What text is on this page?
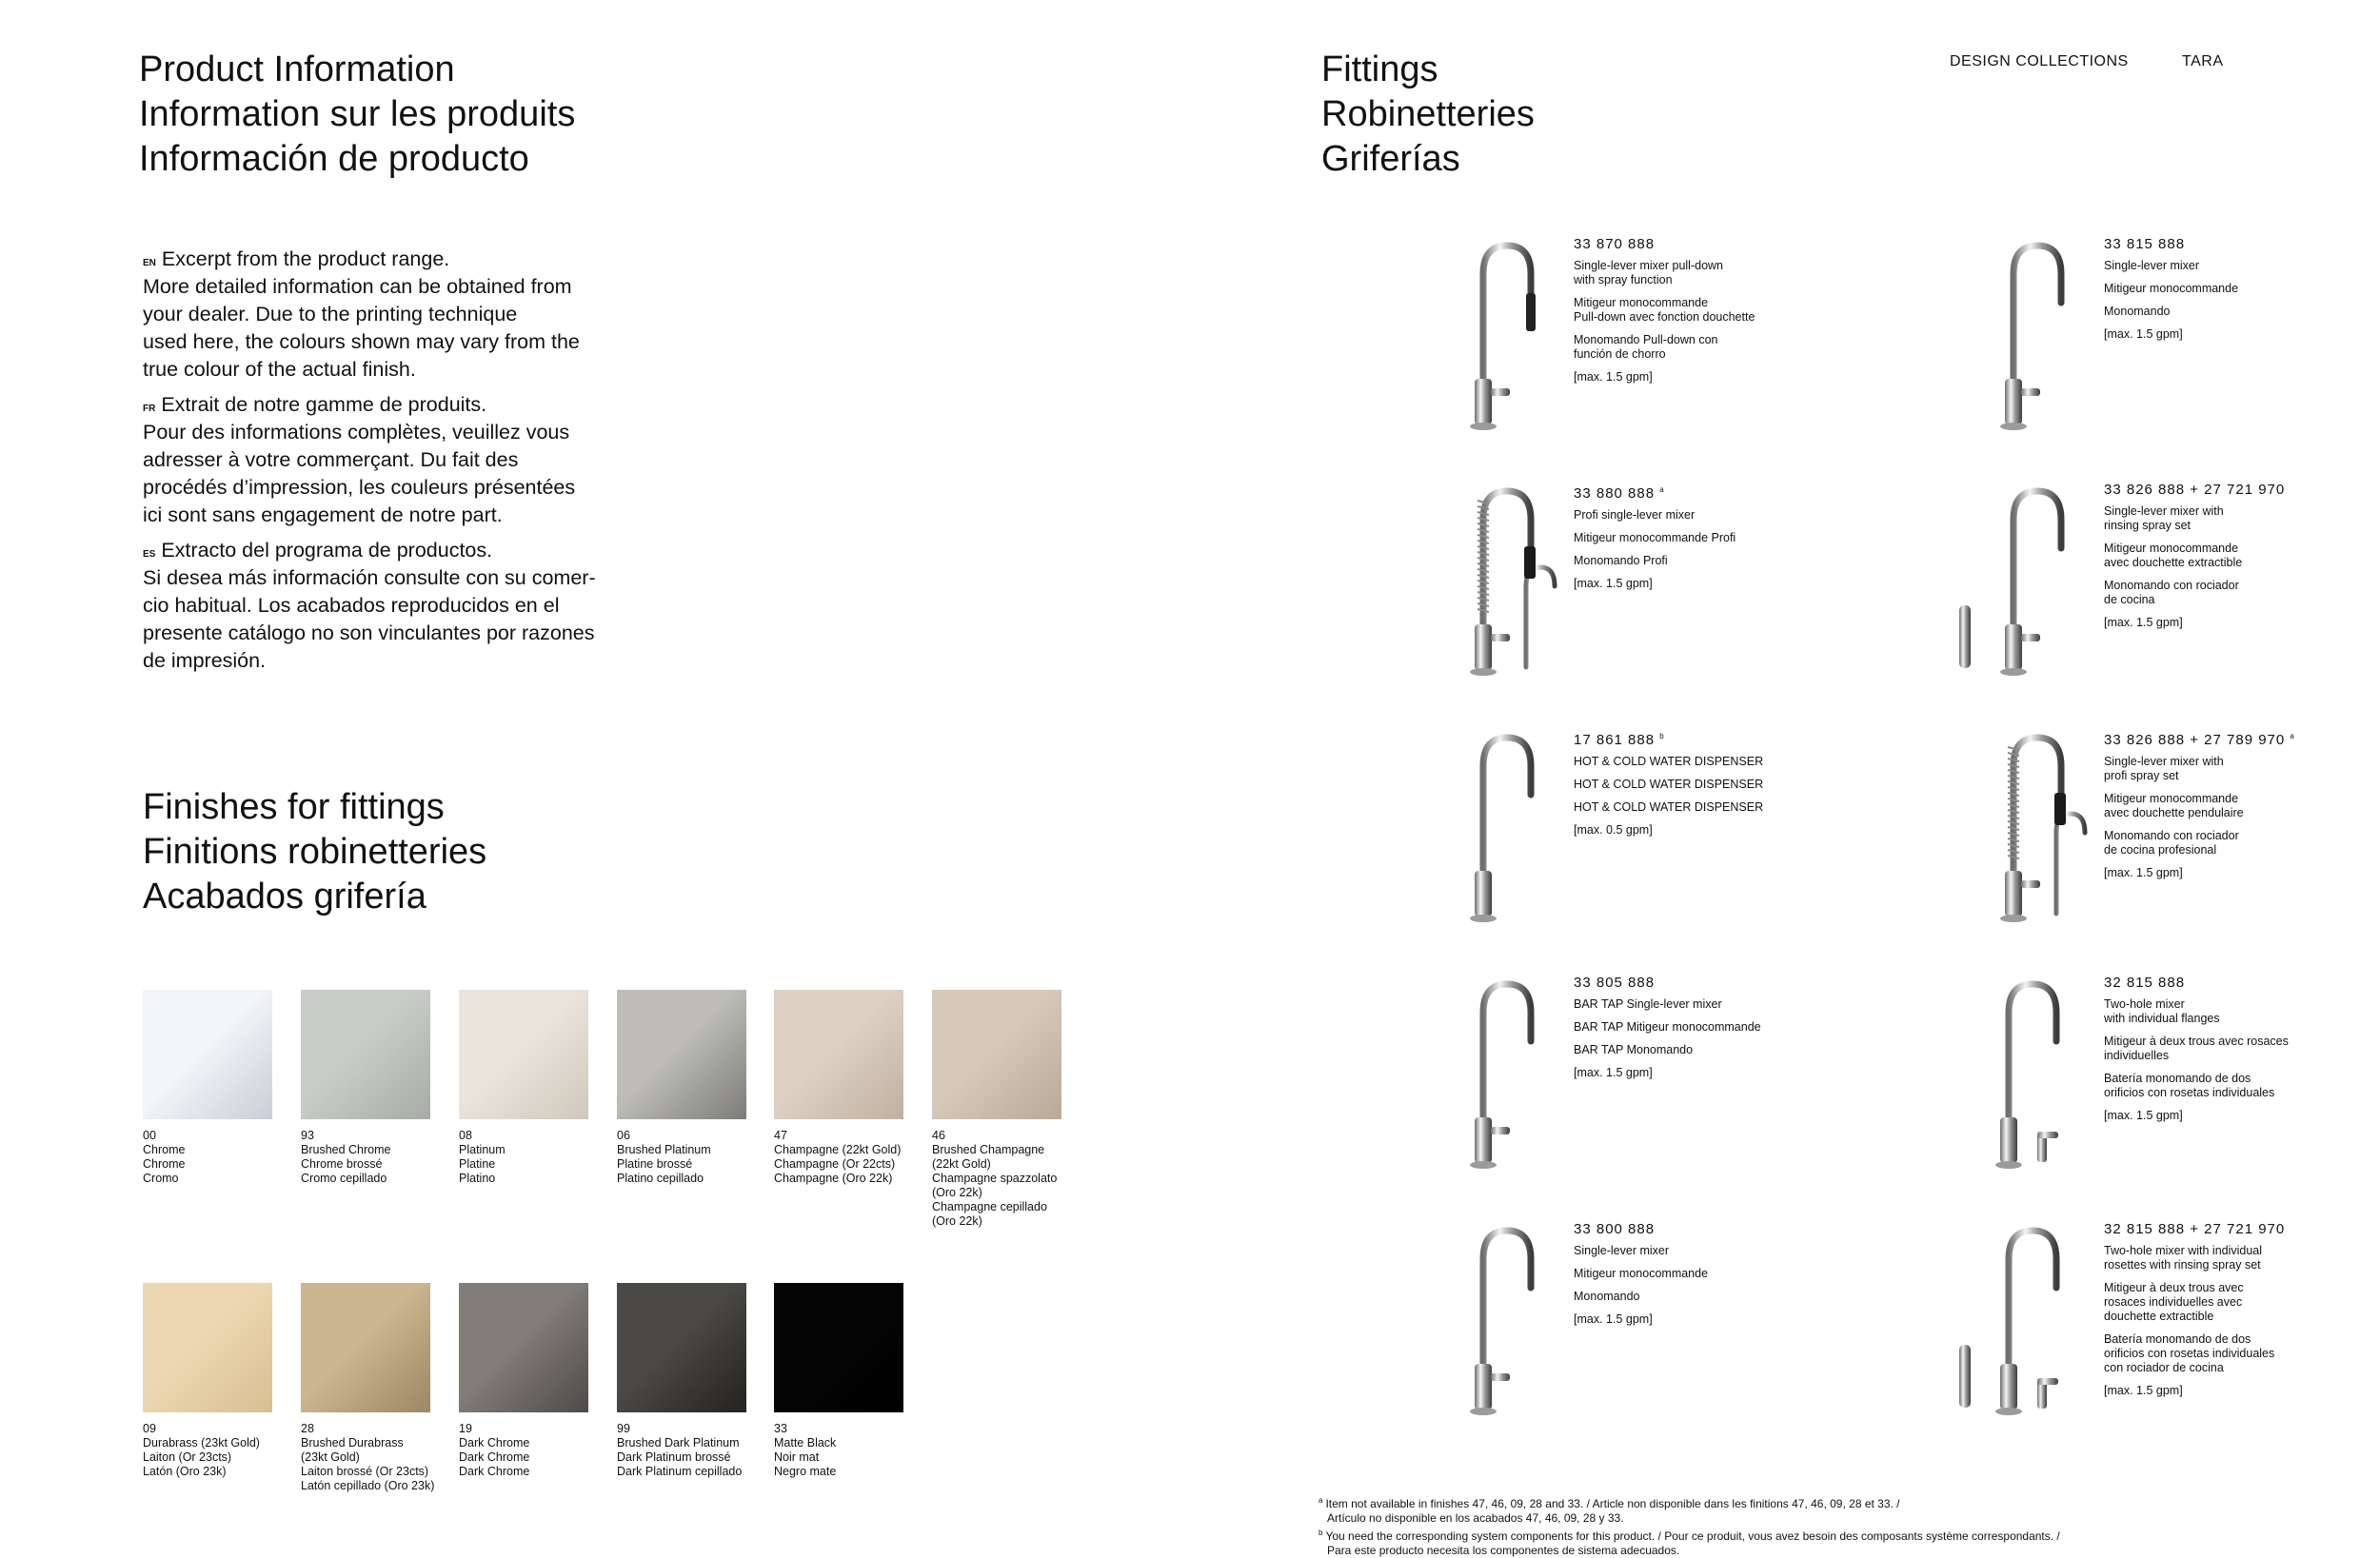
Product Information
Information sur les produits
Información de producto

$^{EN}$ Excerpt from the product range.
More detailed information can be obtained from
your dealer. Due to the printing technique
used here, the colours shown may vary from the
true colour of the actual finish.

$^{FR}$ Extrait de notre gamme de produits.
Pour des informations complètes, veuillez vous
adresser à votre commerçant. Du fait des
procédés d’impression, les couleurs présentées
ici sont sans engagement de notre part.

$^{ES}$ Extracto del programa de productos.
Si desea más información consulte con su comer-
cio habitual. Los acabados reproducidos en el
presente catálogo no son vinculantes por razones
de impresión.

Finishes for fittings
Finitions robinetteries
Acabados grifería
00
Chrome
Chrome
Cromo
93
Brushed Chrome
Chrome brossé
Cromo cepillado
08
Platinum
Platine
Platino
06
Brushed Platinum
Platine brossé
Platino cepillado
47
Champagne (22kt Gold)
Champagne (Or 22cts)
Champagne (Oro 22k)
46
Brushed Champagne
(22kt Gold)
Champagne spazzolato
(Oro 22k)
Champagne cepillado
(Oro 22k)
09
Durabrass (23kt Gold)
Laiton (Or 23cts)
Latón (Oro 23k)
28
Brushed Durabrass
(23kt Gold)
Laiton brossé (Or 23cts)
Latón cepillado (Oro 23k)
19
Dark Chrome
Dark Chrome
Dark Chrome
99
Brushed Dark Platinum
Dark Platinum brossé
Dark Platinum cepillado
33
Matte Black
Noir mat
Negro mate
Fittings
Robinetteries
Griferías
DESIGN COLLECTIONS	TARA
33 870 888
Single-lever mixer pull-down
with spray function
Mitigeur monocommande
Pull-down avec fonction douchette
Monomando Pull-down con
función de chorro
[max. 1.5 gpm]
33 815 888
Single-lever mixer
Mitigeur monocommande
Monomando
[max. 1.5 gpm]
33 880 888 $^a$
Profi single-lever mixer
Mitigeur monocommande Profi
Monomando Profi
[max. 1.5 gpm]
33 826 888 + 27 721 970
Single-lever mixer with
rinsing spray set
Mitigeur monocommande
avec douchette extractible
Monomando con rociador
de cocina
[max. 1.5 gpm]
17 861 888 $^b$
HOT & COLD WATER DISPENSER
HOT & COLD WATER DISPENSER
HOT & COLD WATER DISPENSER
[max. 0.5 gpm]
33 826 888 + 27 789 970 $^a$
Single-lever mixer with
profi spray set
Mitigeur monocommande
avec douchette pendulaire
Monomando con rociador
de cocina profesional
[max. 1.5 gpm]
33 805 888
BAR TAP Single-lever mixer
BAR TAP Mitigeur monocommande
BAR TAP Monomando
[max. 1.5 gpm]
32 815 888
Two-hole mixer
with individual flanges
Mitigeur à deux trous avec rosaces
individuelles
Batería monomando de dos
orificios con rosetas individuales
[max. 1.5 gpm]
33 800 888
Single-lever mixer
Mitigeur monocommande
Monomando
[max. 1.5 gpm]
32 815 888 + 27 721 970
Two-hole mixer with individual
rosettes with rinsing spray set
Mitigeur à deux trous avec
rosaces individuelles avec
douchette extractible
Batería monomando de dos
orificios con rosetas individuales
con rociador de cocina
[max. 1.5 gpm]
$^a$ Item not available in finishes 47, 46, 09, 28 and 33. / Article non disponible dans les finitions 47, 46, 09, 28 et 33. /
Artículo no disponible en los acabados 47, 46, 09, 28 y 33.
$^b$ You need the corresponding system components for this product. / Pour ce produit, vous avez besoin des composants système correspondants. /
Para este producto necesita los componentes de sistema adecuados.
